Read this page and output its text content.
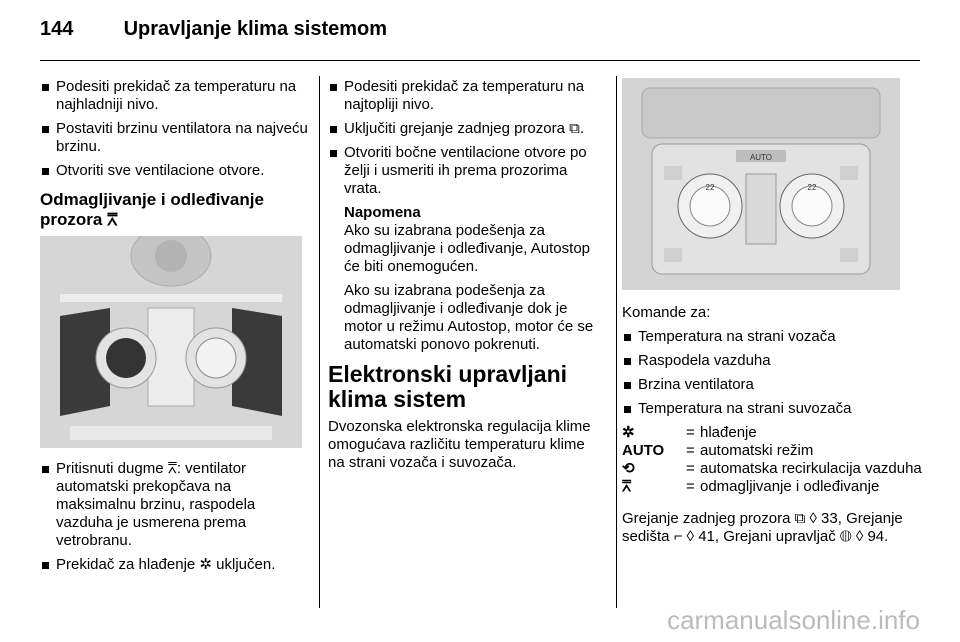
144	Upravljanje klima sistemom
Podesiti prekidač za temperaturu na najhladniji nivo.
Postaviti brzinu ventilatora na najveću brzinu.
Otvoriti sve ventilacione otvore.
Odmagljivanje i odleđivanje prozora ⩞
Pritisnuti dugme ⩞: ventilator automatski prekopčava na maksimalnu brzinu, raspodela vazduha je usmerena prema vetrobranu.
Prekidač za hlađenje ✲ uključen.
Podesiti prekidač za temperaturu na najtopliji nivo.
Uključiti grejanje zadnjeg prozora ⧉.
Otvoriti bočne ventilacione otvore po želji i usmeriti ih prema prozorima vrata.
Napomena

Ako su izabrana podešenja za odmagljivanje i odleđivanje, Autostop će biti onemogućen.

Ako su izabrana podešenja za odmagljivanje i odleđivanje dok je motor u režimu Autostop, motor će se automatski ponovo pokrenuti.

Elektronski upravljani klima sistem

Dvozonska elektronska regulacija klime omogućava različitu temperaturu klime na strani vozača i suvozača.

AUTO
22	22

Komande za:

Temperatura na strani vozača
Raspodela vazduha
Brzina ventilatora
Temperatura na strani suvozača
✲	= hlađenje
AUTO	= automatski režim
⟲	= automatska recirkulacija vazduha
⩞	= odmagljivanje i odleđivanje

Grejanje zadnjeg prozora ⧉ ◊ 33, Grejanje sedišta ⌐ ◊ 41, Grejani upravljač ◍ ◊ 94.

carmanualsonline.info
